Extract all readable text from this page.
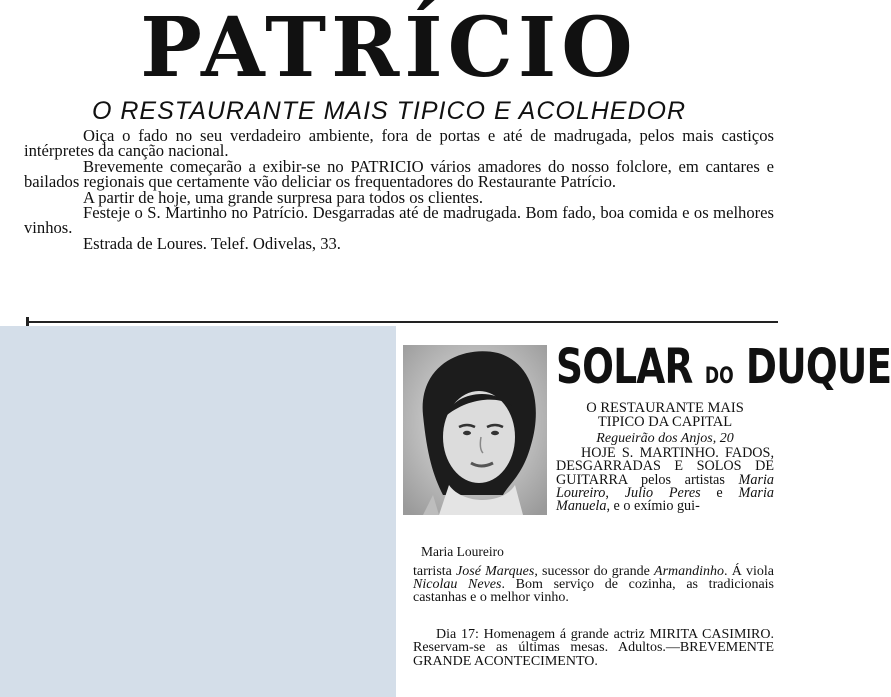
PATRÍCIO
O RESTAURANTE MAIS TIPICO E ACOLHEDOR

Oiça o fado no seu verdadeiro ambiente, fora de portas e até de madrugada, pelos mais castiços intérpretes da canção nacional.

Brevemente começarão a exibir-se no PATRICIO vários amadores do nosso folclore, em cantares e bailados regionais que certamente vão deliciar os frequentadores do Restaurante Patrício.

A partir de hoje, uma grande surpresa para todos os clientes.

Festeje o S. Martinho no Patrício. Desgarradas até de madrugada. Bom fado, boa comida e os melhores vinhos.

Estrada de Loures. Telef. Odivelas, 33.

Maria Loureiro
SOLAR DO DUQUE
O RESTAURANTE MAIS
TIPICO DA CAPITAL
Regueirão dos Anjos, 20
HOJE S. MARTINHO. FADOS, DESGARRADAS E SOLOS DE GUITARRA pelos artistas Maria Loureiro, Julio Peres e Maria Manuela, e o exímio gui-
tarrista José Marques, sucessor do grande Armandinho. Á viola Nicolau Neves. Bom serviço de cozinha, as tradicionais castanhas e o melhor vinho.
Dia 17: Homenagem á grande actriz MIRITA CASIMIRO. Reservam-se as últimas mesas. Adultos.—BREVEMENTE GRANDE ACONTECIMENTO.
